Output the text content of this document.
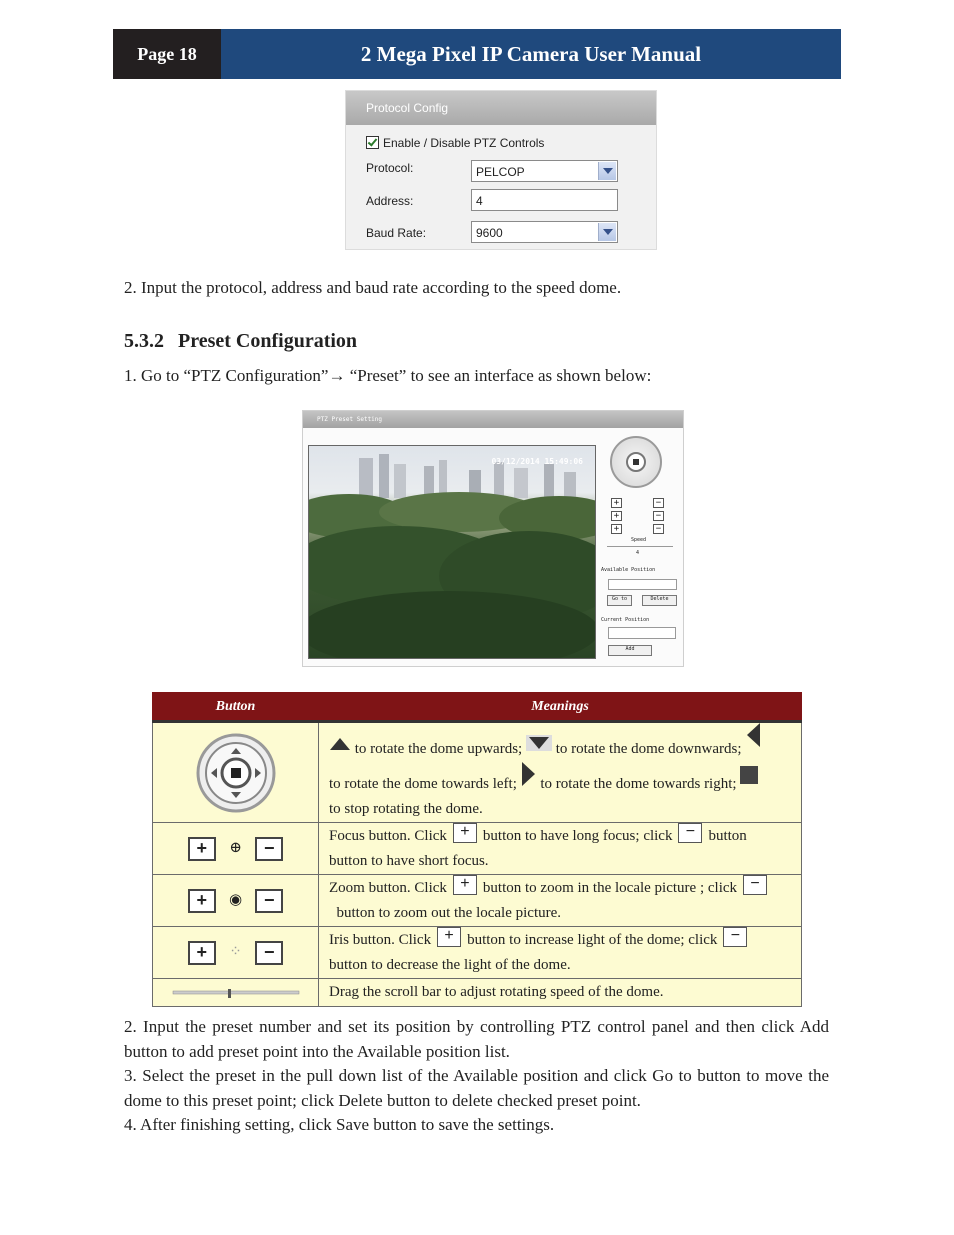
Page 18	2 Mega Pixel IP Camera User Manual
Protocol Config
Enable / Disable PTZ Controls
Protocol:	PELCOP
Address:	4
Baud Rate:	9600
2. Input the protocol, address and baud rate according to the speed dome.
5.3.2 Preset Configuration
1. Go to “PTZ Configuration”→ “Preset” to see an interface as shown below:
PTZ Preset Setting
03/12/2014 15:49:06
+	−
+	−
+	−
Speed
4
Available Position
Go to	Delete
Current Position
Add
Button	Meanings
	to rotate the dome upwards; to rotate the dome downwards;
to rotate the dome towards left; to rotate the dome towards right;
to stop rotating the dome.
+ ⊕ −	Focus button. Click + button to have long focus; click − button
button to have short focus.
+ ◉ −	Zoom button. Click + button to zoom in the locale picture ; click −
button to zoom out the locale picture.
+ ⁘ −	Iris button. Click + button to increase light of the dome; click −
button to decrease the light of the dome.
	Drag the scroll bar to adjust rotating speed of the dome.
2. Input the preset number and set its position by controlling PTZ control panel and then click Add button to add preset point into the Available position list.
3. Select the preset in the pull down list of the Available position and click Go to button to move the dome to this preset point; click Delete button to delete checked preset point.
4. After finishing setting, click Save button to save the settings.
